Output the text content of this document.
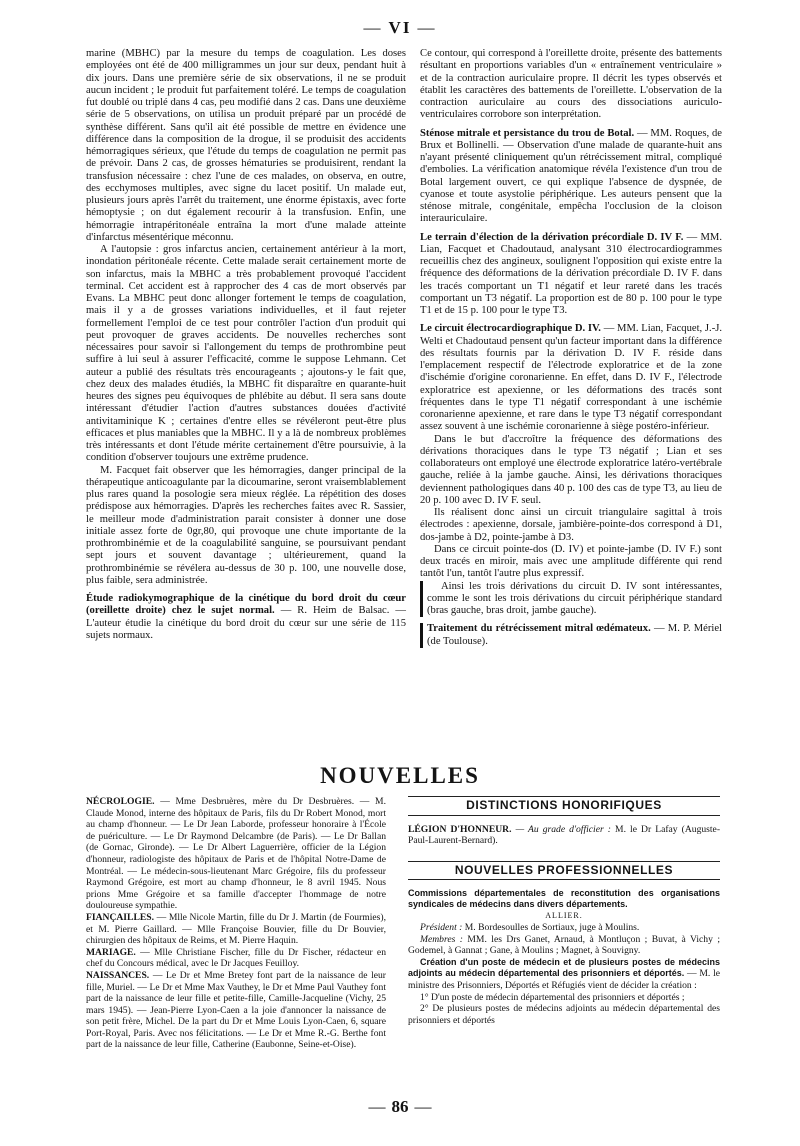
— VI —

marine (MBHC) par la mesure du temps de coagulation. Les doses employées ont été de 400 milligrammes un jour sur deux, pendant huit à dix jours. Dans une première série de six observations, il ne se produit aucun incident ; le produit fut parfaitement toléré. Le temps de coagulation fut doublé ou triplé dans 4 cas, peu modifié dans 2 cas. Dans une deuxième série de 5 observations, on utilisa un produit préparé par un procédé de synthèse différent. Sans qu'il ait été possible de mettre en évidence une différence dans la composition de la drogue, il se produisit des accidents hémorragiques sérieux, que l'étude du temps de coagulation ne permit pas de prévoir. Dans 2 cas, de grosses hématuries se produisirent, rendant la transfusion nécessaire : chez l'une de ces malades, on observa, en outre, des ecchymoses multiples, avec signe du lacet positif. Un malade eut, plusieurs jours après l'arrêt du traitement, une énorme épistaxis, avec forte hémoptysie ; on dut également recourir à la transfusion. Enfin, une hémorragie intrapéritonéale entraîna la mort d'une malade atteinte d'infarctus mésentérique méconnu.

A l'autopsie : gros infarctus ancien, certainement antérieur à la mort, inondation péritonéale récente. Cette malade serait certainement morte de son infarctus, mais la MBHC a très probablement provoqué l'accident terminal. Cet accident est à rapprocher des 4 cas de mort observés par Evans. La MBHC peut donc allonger fortement le temps de coagulation, mais il y a de grosses variations individuelles, et il faut rejeter formellement l'emploi de ce test pour contrôler l'action d'un produit qui peut provoquer de graves accidents. De nouvelles recherches sont nécessaires pour savoir si l'allongement du temps de prothrombine peut suffire à lui seul à assurer l'efficacité, comme le suppose Lehmann. Cet auteur a publié des résultats très encourageants ; ajoutons-y le fait que, chez deux des malades étudiés, la MBHC fit disparaître en quarante-huit heures des signes peu équivoques de phlébite au début. Il sera sans doute intéressant d'étudier l'action d'autres substances douées d'activité antivitaminique K ; certaines d'entre elles se révéleront peut-être plus efficaces et plus maniables que la MBHC. Il y a là de nombreux problèmes très intéressants et dont l'étude mérite certainement d'être poursuivie, à la condition d'observer toujours une extrême prudence.

M. Facquet fait observer que les hémorragies, danger principal de la thérapeutique anticoagulante par la dicoumarine, seront vraisemblablement plus rares quand la posologie sera mieux réglée. La répétition des doses prédispose aux hémorragies. D'après les recherches faites avec R. Sassier, le meilleur mode d'administration parait consister à donner une dose initiale assez forte de 0gr,80, qui provoque une chute importante de la prothrombinémie et de la coagulabilité sanguine, se poursuivant pendant sept jours et souvent davantage ; ultérieurement, quand la prothrombinémie se révélera au-dessus de 30 p. 100, une nouvelle dose, plus faible, sera administrée.

Étude radiokymographique de la cinétique du bord droit du cœur (oreillette droite) chez le sujet normal. — R. Heim de Balsac. — L'auteur étudie la cinétique du bord droit du cœur sur une série de 115 sujets normaux.

Ce contour, qui correspond à l'oreillette droite, présente des battements résultant en proportions variables d'un « entraînement ventriculaire » et de la contraction auriculaire propre. Il décrit les types observés et établit les caractères des battements de l'oreillette. L'observation de la contraction auriculaire au cours des dissociations auriculo-ventriculaires corrobore son interprétation.

Sténose mitrale et persistance du trou de Botal. — MM. Roques, de Brux et Bollinelli. — Observation d'une malade de quarante-huit ans n'ayant présenté cliniquement qu'un rétrécissement mitral, compliqué d'embolies. La vérification anatomique révéla l'existence d'un trou de Botal largement ouvert, ce qui explique l'absence de dyspnée, de cyanose et toute asystolie périphérique. Les auteurs pensent que la sténose mitrale, congénitale, empêcha l'occlusion de la cloison interauriculaire.

Le terrain d'élection de la dérivation précordiale D. IV F. — MM. Lian, Facquet et Chadoutaud, analysant 310 électrocardiogrammes recueillis chez des angineux, soulignent l'opposition qui existe entre la fréquence des déformations de la dérivation précordiale D. IV F. dans les tracés comportant un T1 négatif et leur rareté dans les tracés comportant un T3 négatif. La proportion est de 80 p. 100 pour le type T1 et de 15 p. 100 pour le type T3.

Le circuit électrocardiographique D. IV. — MM. Lian, Facquet, J.-J. Welti et Chadoutaud pensent qu'un facteur important dans la différence des résultats fournis par la dérivation D. IV F. réside dans l'emplacement respectif de l'électrode exploratrice et de la zone d'ischémie d'origine coronarienne. En effet, dans D. IV F., l'électrode exploratrice est apexienne, or les déformations des tracés sont fréquentes dans le type T1 négatif correspondant à une ischémie coronarienne apexienne, et rare dans le type T3 négatif correspondant assez souvent à une ischémie coronarienne à siège postéro-inférieur.

Dans le but d'accroître la fréquence des déformations des dérivations thoraciques dans le type T3 négatif ; Lian et ses collaborateurs ont employé une électrode exploratrice latéro-vertébrale gauche, reliée à la jambe gauche. Ainsi, les dérivations thoraciques deviennent pathologiques dans 40 p. 100 des cas de type T3, au lieu de 20 p. 100 avec D. IV F. seul.

Ils réalisent donc ainsi un circuit triangulaire sagittal à trois électrodes : apexienne, dorsale, jambière-pointe-dos correspond à D1, dos-jambe à D2, pointe-jambe à D3.

Dans ce circuit pointe-dos (D. IV) et pointe-jambe (D. IV F.) sont deux tracés en miroir, mais avec une amplitude différente qui rend tantôt l'un, tantôt l'autre plus expressif.

Ainsi les trois dérivations du circuit D. IV sont intéressantes, comme le sont les trois dérivations du circuit périphérique standard (bras gauche, bras droit, jambe gauche).

Traitement du rétrécissement mitral œdémateux. — M. P. Mériel (de Toulouse).

NOUVELLES

NÉCROLOGIE. — Mme Desbruères, mère du Dr Desbruères. — M. Claude Monod, interne des hôpitaux de Paris, fils du Dr Robert Monod, mort au champ d'honneur. — Le Dr Jean Laborde, professeur honoraire à l'École de puériculture. — Le Dr Raymond Delcambre (de Paris). — Le Dr Ballan (de Gornac, Gironde). — Le Dr Albert Laguerrière, officier de la Légion d'honneur, radiologiste des hôpitaux de Paris et de l'hôpital Notre-Dame de Montréal. — Le médecin-sous-lieutenant Marc Grégoire, fils du professeur Raymond Grégoire, est mort au champ d'honneur, le 8 avril 1945. Nous prions Mme Grégoire et sa famille d'accepter l'hommage de notre douloureuse sympathie.

FIANÇAILLES. — Mlle Nicole Martin, fille du Dr J. Martin (de Fourmies), et M. Pierre Gaillard. — Mlle Françoise Bouvier, fille du Dr Bouvier, chirurgien des hôpitaux de Reims, et M. Pierre Haquin.

MARIAGE. — Mlle Christiane Fischer, fille du Dr Fischer, rédacteur en chef du Concours médical, avec le Dr Jacques Feuilloy.

NAISSANCES. — Le Dr et Mme Bretey font part de la naissance de leur fille, Muriel. — Le Dr et Mme Max Vauthey, le Dr et Mme Paul Vauthey font part de la naissance de leur fille et petite-fille, Camille-Jacqueline (Vichy, 25 mars 1945). — Jean-Pierre Lyon-Caen a la joie d'annoncer la naissance de son petit frère, Michel. De la part du Dr et Mme Louis Lyon-Caen, 6, square Port-Royal, Paris. Avec nos félicitations. — Le Dr et Mme R.-G. Berthe font part de la naissance de leur fille, Catherine (Eaubonne, Seine-et-Oise).

DISTINCTIONS HONORIFIQUES

LÉGION D'HONNEUR. — Au grade d'officier : M. le Dr Lafay (Auguste-Paul-Laurent-Bernard).

NOUVELLES PROFESSIONNELLES

Commissions départementales de reconstitution des organisations syndicales de médecins dans divers départements.

ALLIER.

Président : M. Bordesoulles de Sortiaux, juge à Moulins.

Membres : MM. les Drs Ganet, Arnaud, à Montluçon ; Buvat, à Vichy ; Godemel, à Gannat ; Gane, à Moulins ; Magnet, à Souvigny.

Création d'un poste de médecin et de plusieurs postes de médecins adjoints au médecin départemental des prisonniers et déportés. — M. le ministre des Prisonniers, Déportés et Réfugiés vient de décider la création :

1° D'un poste de médecin départemental des prisonniers et déportés ;

2° De plusieurs postes de médecins adjoints au médecin départemental des prisonniers et déportés

— 86 —
